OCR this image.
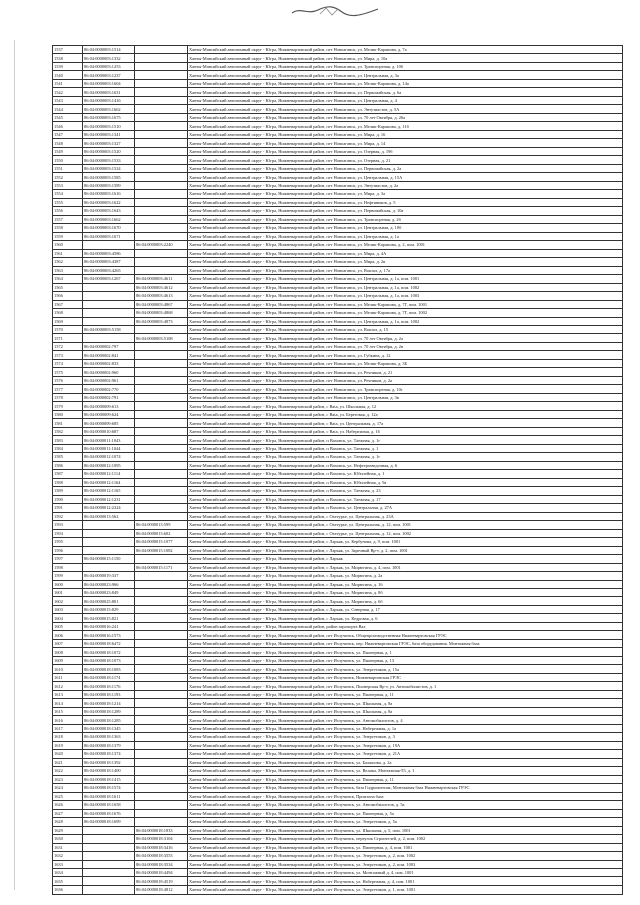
1537	86:04:0000003:1514		Ханты-Мансийский автономный округ - Югра, Нижневартовский район, пгт Новоаганск, ул. Мелик-Карамова, д. 7а
1538	86:04:0000003:1332		Ханты-Мансийский автономный округ - Югра, Нижневартовский район, пгт Новоаганск, ул. Мира, д. 10а
1539	86:04:0000003:1253		Ханты-Мансийский автономный округ - Югра, Нижневартовский район, пгт Новоаганск, ул. Транспортная, д. 10б
1540	86:04:0000003:1237		Ханты-Мансийский автономный округ - Югра, Нижневартовский район, пгт Новоаганск, ул. Центральная, д. 3а
1541	86:04:0000003:1604		Ханты-Мансийский автономный округ - Югра, Нижневартовский район, пгт Новоаганск, ул. Мелик-Карамова, д. 14а
1542	86:04:0000003:1631		Ханты-Мансийский автономный округ - Югра, Нижневартовский район, пгт Новоаганск, ул. Первомайская, д. 6а
1543	86:04:0000003:1416		Ханты-Мансийский автономный округ - Югра, Нижневартовский район, пгт Новоаганск, ул. Центральная, д. 4
1544	86:04:0000003:1602		Ханты-Мансийский автономный округ - Югра, Нижневартовский район, пгт Новоаганск, ул. Энтузиастов, д. 5А
1545	86:04:0000003:1675		Ханты-Мансийский автономный округ - Югра, Нижневартовский район, пгт Новоаганск, ул. 70 лет Октября, д. 26а
1546	86:04:0000003:1510		Ханты-Мансийский автономный округ - Югра, Нижневартовский район, пгт Новоаганск, ул. Мелик-Карамова, д. 11б
1547	86:04:0000003:1341		Ханты-Мансийский автономный округ - Югра, Нижневартовский район, пгт Новоаганск, ул. Мира, д. 16
1548	86:04:0000003:1327		Ханты-Мансийский автономный округ - Югра, Нижневартовский район, пгт Новоаганск, ул. Мира, д. 14
1549	86:04:0000003:1520		Ханты-Мансийский автономный округ - Югра, Нижневартовский район, пгт Новоаганск, ул. Озерная, д. 19б
1550	86:04:0000003:1533		Ханты-Мансийский автономный округ - Югра, Нижневартовский район, пгт Новоаганск, ул. Озерная, д. 21
1551	86:04:0000003:1524		Ханты-Мансийский автономный округ - Югра, Нижневартовский район, пгт Новоаганск, ул. Первомайская, д. 2а
1552	86:04:0000003:1585		Ханты-Мансийский автономный округ - Югра, Нижневартовский район, пгт Новоаганск, ул. Центральная, д. 15А
1553	86:04:0000003:1589		Ханты-Мансийский автономный округ - Югра, Нижневартовский район, пгт Новоаганск, ул. Энтузиастов, д. 2а
1554	86:04:0000003:1616		Ханты-Мансийский автономный округ - Югра, Нижневартовский район, пгт Новоаганск, ул. Мира, д. 3а
1555	86:04:0000003:1622		Ханты-Мансийский автономный округ - Югра, Нижневартовский район, пгт Новоаганск, ул. Нефтяников, д. 5
1556	86:04:0000003:1643		Ханты-Мансийский автономный округ - Югра, Нижневартовский район, пгт Новоаганск, ул. Первомайская, д. 10а
1557	86:04:0000003:1662		Ханты-Мансийский автономный округ - Югра, Нижневартовский район, пгт Новоаганск, ул. Транспортная, д. 2б
1558	86:04:0000003:1670		Ханты-Мансийский автономный округ - Югра, Нижневартовский район, пгт Новоаганск, ул. Центральная, д. 10б
1559	86:04:0000003:1671		Ханты-Мансийский автономный округ - Югра, Нижневартовский район, пгт Новоаганск, ул. Центральная, д. 1а
1560		86:04:0000003:2240	Ханты-Мансийский автономный округ - Югра, Нижневартовский район, пгт Новоаганск, ул. Мелик-Карамова, д. 2, пом. 1001
1561	86:04:0000003:4586		Ханты-Мансийский автономный округ - Югра, Нижневартовский район, пгт Новоаганск, ул. Мира, д. 4А
1562	86:04:0000003:4387		Ханты-Мансийский автономный округ - Югра, Нижневартовский район, пгт Новоаганск, ул. Мира, д. 2в
1563	86:04:0000003:4265		Ханты-Мансийский автономный округ - Югра, Нижневартовский район, пгт Новоаганск, ул. Вокзал, д. 17а
1564	86:04:0000003:1267	86:04:0000003:4611	Ханты-Мансийский автономный округ - Югра, Нижневартовский район, пгт Новоаганск, ул. Центральная, д. 1а, пом. 1001
1565		86:04:0000003:4612	Ханты-Мансийский автономный округ - Югра, Нижневартовский район, пгт Новоаганск, ул. Центральная, д. 1а, пом. 1002
1566		86:04:0000003:4613	Ханты-Мансийский автономный округ - Югра, Нижневартовский район, пгт Новоаганск, ул. Центральная, д. 1а, пом. 1003
1567		86:04:0000003:4867	Ханты-Мансийский автономный округ - Югра, Нижневартовский район, пгт Новоаганск, ул. Мелик-Карамова, д. 7Г, пом. 1001
1568		86:04:0000003:4868	Ханты-Мансийский автономный округ - Югра, Нижневартовский район, пгт Новоаганск, ул. Мелик-Карамова, д. 7Г, пом. 1002
1569		86:04:0000003:4873	Ханты-Мансийский автономный округ - Югра, Нижневартовский район, пгт Новоаганск, ул. Центральная, д. 1а, пом. 1002
1570	86:04:0000003:5158		Ханты-Мансийский автономный округ - Югра, Нижневартовский район, пгт Новоаганск, ул. Вокзал, д. 15
1571		86:04:0000003:5108	Ханты-Мансийский автономный округ - Югра, Нижневартовский район, пгт Новоаганск, ул. 70 лет Октября, д. 2а
1572	86:04:0000002:797		Ханты-Мансийский автономный округ - Югра, Нижневартовский район, пгт Новоаганск, ул. 70 лет Октября, д. 2в
1573	86:04:0000002:841		Ханты-Мансийский автономный округ - Югра, Нижневартовский район, пгт Новоаганск, ул. Губкина, д. 12
1574	86:04:0000002:833		Ханты-Мансийский автономный округ - Югра, Нижневартовский район, пгт Новоаганск, ул. Мелик-Карамова, д. 3Б
1575	86:04:0000002:960		Ханты-Мансийский автономный округ - Югра, Нижневартовский район, пгт Новоаганск, ул. Речников, д. 21
1576	86:04:0000002:961		Ханты-Мансийский автономный округ - Югра, Нижневартовский район, пгт Новоаганск, ул. Речников, д. 2а
1577	86:04:0000002:770		Ханты-Мансийский автономный округ - Югра, Нижневартовский район, пгт Новоаганск, ул. Транспортная, д. 10г
1578	86:04:0000002:791		Ханты-Мансийский автономный округ - Югра, Нижневартовский район, пгт Новоаганск, ул. Центральная, д. 3в
1579	86:04:0000009:613		Ханты-Мансийский автономный округ - Югра, Нижневартовский район, с Ваta, ул. Школьная, д. 12
1580	86:04:0000009:624		Ханты-Мансийский автономный округ - Югра, Нижневартовский район, с Ваta, ул. Береговая, д. 12а
1581	86:04:0000009:685		Ханты-Мансийский автономный округ - Югра, Нижневартовский район, с Ваta, ул. Центральная, д. 17а
1582	86:04:0000010:687		Ханты-Мансийский автономный округ - Югра, Нижневартовский район, с Ваta, ул. Набережная, д. 16
1583	86:04:0000011:1043		Ханты-Мансийский автономный округ - Югра, Нижневартовский район, п Ваховск, ул. Таежная, д. 1г
1584	86:04:0000011:1044		Ханты-Мансийский автономный округ - Югра, Нижневартовский район, п Ваховск, ул. Таежная, д. 1
1585	86:04:0000012:1074		Ханты-Мансийский автономный округ - Югра, Нижневартовский район, п Ваховск, ул. Таежная, д. 1г
1586	86:04:0000012:1095		Ханты-Мансийский автономный округ - Югра, Нижневартовский район, п Ваховск, ул. Нефтеразведочная, д. 6
1587	86:04:0000012:1114		Ханты-Мансийский автономный округ - Югра, Нижневартовский район, п Ваховск, ул. Юбилейная, д. 1
1588	86:04:0000012:1164		Ханты-Мансийский автономный округ - Югра, Нижневартовский район, п Ваховск, ул. Юбилейная, д. 9а
1589	86:04:0000012:1165		Ханты-Мансийский автономный округ - Югра, Нижневартовский район, п Ваховск, ул. Таежная, д. 23
1590	86:04:0000012:1231		Ханты-Мансийский автономный округ - Югра, Нижневартовский район, п Ваховск, ул. Таежная, д. 17
1591	86:04:0000012:2324		Ханты-Мансийский автономный округ - Югра, Нижневартовский район, п Ваховск, ул. Центральная, д. 27А
1592	86:04:0000013:562		Ханты-Мансийский автономный округ - Югра, Нижневартовский район, с Охтеурье, ул. Центральная, д. 23А
1593		86:04:0000013:599	Ханты-Мансийский автономный округ - Югра, Нижневартовский район, с Охтеурье, ул. Центральная, д. 12, пом. 1001
1594		86:04:0000013:602	Ханты-Мансийский автономный округ - Югра, Нижневартовский район, с Охтеурье, ул. Центральная, д. 12, пом. 1002
1595		86:04:0000015:1077	Ханты-Мансийский автономный округ - Югра, Нижневартовский район, с Ларьяк, ул. Кербунова, д. 9, пом. 1001
1596		86:04:0000015:1082	Ханты-Мансийский автономный округ - Югра, Нижневартовский район, с Ларьяк, ул. Заречный Вр-т, д. 2, пом. 1001
1597	86:04:0000015:1150		Ханты-Мансийский автономный округ - Югра, Нижневартовский район, с Ларьяк
1598		86:04:0000015:1171	Ханты-Мансийский автономный округ - Югра, Нижневартовский район, с Ларьяк, ул. Мирюгина, д. 4, пом. 1001
1599	86:04:0000019:337		Ханты-Мансийский автономный округ - Югра, Нижневартовский район, с Ларьяк, ул. Мирюгина, д. 2а
1600	86:04:0000023:966		Ханты-Мансийский автономный округ - Югра, Нижневартовский район, с Ларьяк, ул. Мирюгина, д. 16
1601	86:04:0000023:849		Ханты-Мансийский автономный округ - Югра, Нижневартовский район, с Ларьяк, ул. Мирюгина, д. 8б
1602	86:04:0000025:801		Ханты-Мансийский автономный округ - Югра, Нижневартовский район, с Ларьяк, ул. Мирюгина, д. 6б
1603	86:04:0000015:829		Ханты-Мансийский автономный округ - Югра, Нижневартовский район, с Ларьяк, ул. Северная, д. 17
1604	86:04:0000015:821		Ханты-Мансийский автономный округ - Югра, Нижневартовский район, с Ларьяк, ул. Кедровая, д. 6
1605	86:04:0000016:241		Ханты-Мансийский автономный округ - Югра, Нижневартовский район, район аэропорта Вах
1606	86:04:0000016:1573		Ханты-Мансийский автономный округ - Югра, Нижневартовский район, пгт Излучинск, Общепроизводственная Нижневартовская ГРЭС
1607	86:04:0000018:6472		Ханты-Мансийский автономный округ - Югра, Нижневартовский район, пгт Излучинск, пер. Нижневартовская ГРЭС, база оборудования. Монтажная база
1608	86:04:0000018:1072		Ханты-Мансийский автономный округ - Югра, Нижневартовский район, пгт Излучинск, ул. Пионерная, д. 1
1609	86:04:0000018:1073		Ханты-Мансийский автономный округ - Югра, Нижневартовский район, пгт Излучинск, ул. Пионерная, д. 13
1610	86:04:0000018:1083		Ханты-Мансийский автономный округ - Югра, Нижневартовский район, пгт Излучинск, ул. Энергетиков, д. 15а
1611	86:04:0000018:1174		Ханты-Мансийский автономный округ - Югра, Нижневартовский район, пгт Излучинск, Нижневартовская ГРЭС
1612	86:04:0000018:1176		Ханты-Мансийский автономный округ - Югра, Нижневартовский район, пгт Излучинск, Пионерская Вр-т, ул. Автомобилистов, д. 1
1613	86:04:0000018:1193		Ханты-Мансийский автономный округ - Югра, Нижневартовский район, пгт Излучинск, ул. Пионерная, д. 11
1614	86:04:0000018:1214		Ханты-Мансийский автономный округ - Югра, Нижневартовский район, пгт Излучинск, ул. Школьная, д. 8а
1615	86:04:0000018:1289		Ханты-Мансийский автономный округ - Югра, Нижневартовский район, пгт Излучинск, ул. Школьная, д. 8а
1616	86:04:0000018:1285		Ханты-Мансийский автономный округ - Югра, Нижневартовский район, пгт Излучинск, ул. Автомобилистов, д. 4
1617	86:04:0000018:1345		Ханты-Мансийский автономный округ - Югра, Нижневартовский район, пгт Излучинск, ул. Набережная, д. 1а
1618	86:04:0000018:1363		Ханты-Мансийский автономный округ - Югра, Нижневартовский район, пгт Излучинск, ул. Энергетиков, д. 3
1619	86:04:0000018:1379		Ханты-Мансийский автономный округ - Югра, Нижневартовский район, пгт Излучинск, ул. Энергетиков, д. 19А
1620	86:04:0000018:1374		Ханты-Мансийский автономный округ - Югра, Нижневартовский район, пгт Излучинск, ул. Энергетиков, д. 21А
1621	86:04:0000018:1392		Ханты-Мансийский автономный округ - Югра, Нижневартовский район, пгт Излучинск, ул. Балашова, д. 2а
1622	86:04:0000018:1400		Ханты-Мансийский автономный округ - Югра, Нижневартовский район, пгт Излучинск, ул. Велика, Монтажная-55, д. 1
1623	86:04:0000018:1415		Ханты-Мансийский автономный округ - Югра, Нижневартовский район, пгт Излучинск, ул. Пионерная, д. 11
1624	86:04:0000018:1574		Ханты-Мансийский автономный округ - Югра, Нижневартовский район, пгт Излучинск, база Гидромонтаж, Монтажная база Нижневартовская ГРЭС
1625	86:04:0000018:1611		Ханты-Мансийский автономный округ - Югра, Нижневартовский район, пгт Излучинск, Промзона база
1626	86:04:0000018:1658		Ханты-Мансийский автономный округ - Югра, Нижневартовский район, пгт Излучинск, ул. Автомобилистов, д. 5а
1627	86:04:0000018:1676		Ханты-Мансийский автономный округ - Югра, Нижневартовский район, пгт Излучинск, ул. Пионерная, д. 5а
1628	86:04:0000018:1699		Ханты-Мансийский автономный округ - Югра, Нижневартовский район, пгт Излучинск, ул. Энергетиков, д. 5а
1629		86:04:0000018:1833	Ханты-Мансийский автономный округ - Югра, Нижневартовский район, пгт Излучинск, ул. Школьная, д. 5, пом. 1001
1630		86:04:0000018:3104	Ханты-Мансийский автономный округ - Югра, Нижневартовский район, пгт Излучинск, переулок Строителей, д. 2, пом. 1002
1631		86:04:0000018:3416	Ханты-Мансийский автономный округ - Югра, Нижневартовский район, пгт Излучинск, ул. Пионерная, д. 4, пом. 1001
1632		86:04:0000018:3553	Ханты-Мансийский автономный округ - Югра, Нижневартовский район, пгт Излучинск, ул. Энергетиков, д. 2, пом. 1002
1633		86:04:0000018:3534	Ханты-Мансийский автономный округ - Югра, Нижневартовский район, пгт Излучинск, ул. Энергетиков, д. 2, пом. 1003
1634		86:04:0000018:4494	Ханты-Мансийский автономный округ - Югра, Нижневартовский район, пгт Излучинск, ул. Монтажный д. 4, пом. 1001
1635		86:04:0000018:4519	Ханты-Мансийский автономный округ - Югра, Нижневартовский район, пгт Излучинск, ул. Набережная, д. 4, пом. 1001
1636		86:04:0000018:4812	Ханты-Мансийский автономный округ - Югра, Нижневартовский район, пгт Излучинск, ул. Энергетиков, д. 1, пом. 1001
